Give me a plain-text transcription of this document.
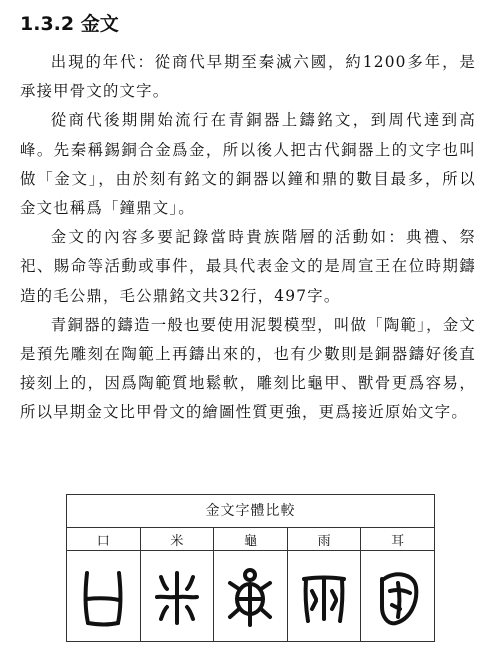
1.3.2 金文

出現的年代：從商代早期至秦滅六國，約1200多年，是承接甲骨文的文字。

從商代後期開始流行在青銅器上鑄銘文，到周代達到高峰。先秦稱錫銅合金爲金，所以後人把古代銅器上的文字也叫做「金文」，由於刻有銘文的銅器以鐘和鼎的數目最多，所以金文也稱爲「鐘鼎文」。

金文的內容多要記錄當時貴族階層的活動如：典禮、祭祀、賜命等活動或事件，最具代表金文的是周宣王在位時期鑄造的毛公鼎，毛公鼎銘文共32行，497字。

青銅器的鑄造一般也要使用泥製模型，叫做「陶範」，金文是預先雕刻在陶範上再鑄出來的，也有少數則是銅器鑄好後直接刻上的，因爲陶範質地鬆軟，雕刻比龜甲、獸骨更爲容易，所以早期金文比甲骨文的繪圖性質更強，更爲接近原始文字。

金文字體比較
口	米	龜	雨	耳
